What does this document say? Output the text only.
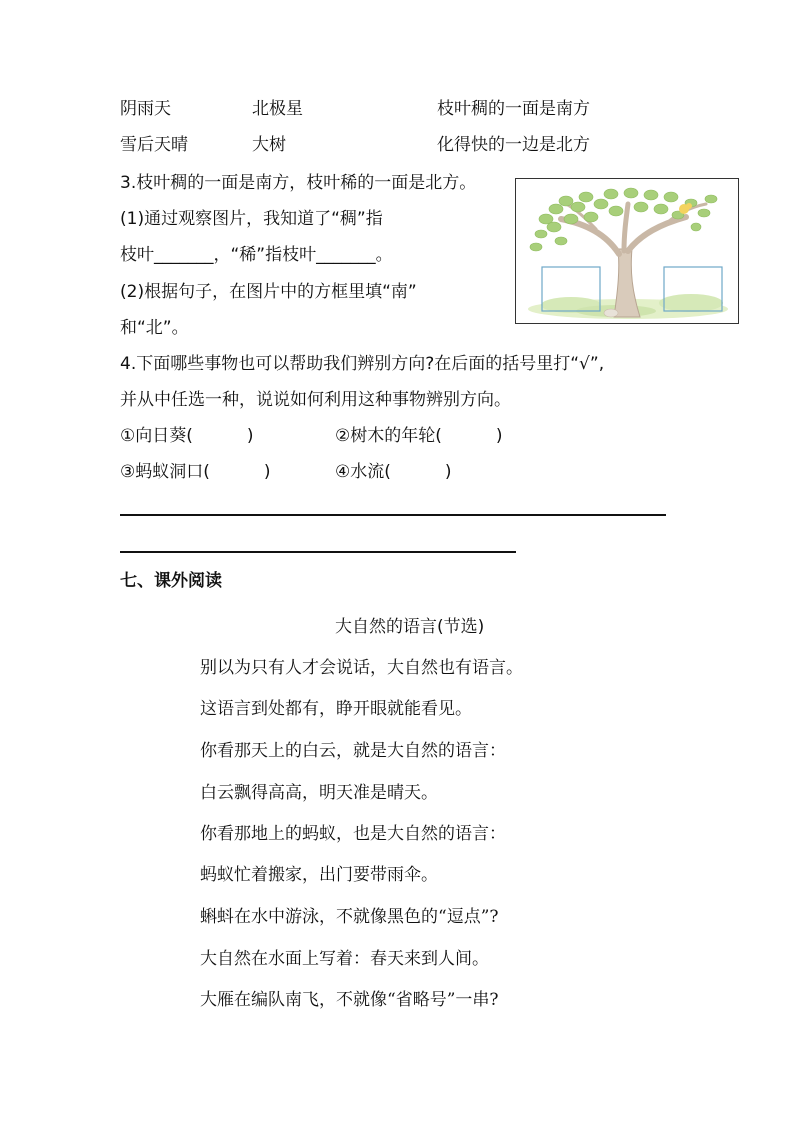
阴雨天	北极星	枝叶稠的一面是南方
雪后天晴	大树	化得快的一边是北方
3.枝叶稠的一面是南方，枝叶稀的一面是北方。
(1)通过观察图片，我知道了“稠”指
枝叶_______，“稀”指枝叶_______。
(2)根据句子，在图片中的方框里填“南”
和“北”。
4.下面哪些事物也可以帮助我们辨别方向?在后面的括号里打“√”,
并从中任选一种，说说如何利用这种事物辨别方向。
①向日葵(          )	②树木的年轮(          )
③蚂蚁洞口(          )	④水流(          )
七、课外阅读
大自然的语言(节选)
别以为只有人才会说话，大自然也有语言。
这语言到处都有，睁开眼就能看见。
你看那天上的白云，就是大自然的语言：
白云飘得高高，明天准是晴天。
你看那地上的蚂蚁，也是大自然的语言：
蚂蚁忙着搬家，出门要带雨伞。
蝌蚪在水中游泳，不就像黑色的“逗点”?
大自然在水面上写着：春天来到人间。
大雁在编队南飞，不就像“省略号”一串?
